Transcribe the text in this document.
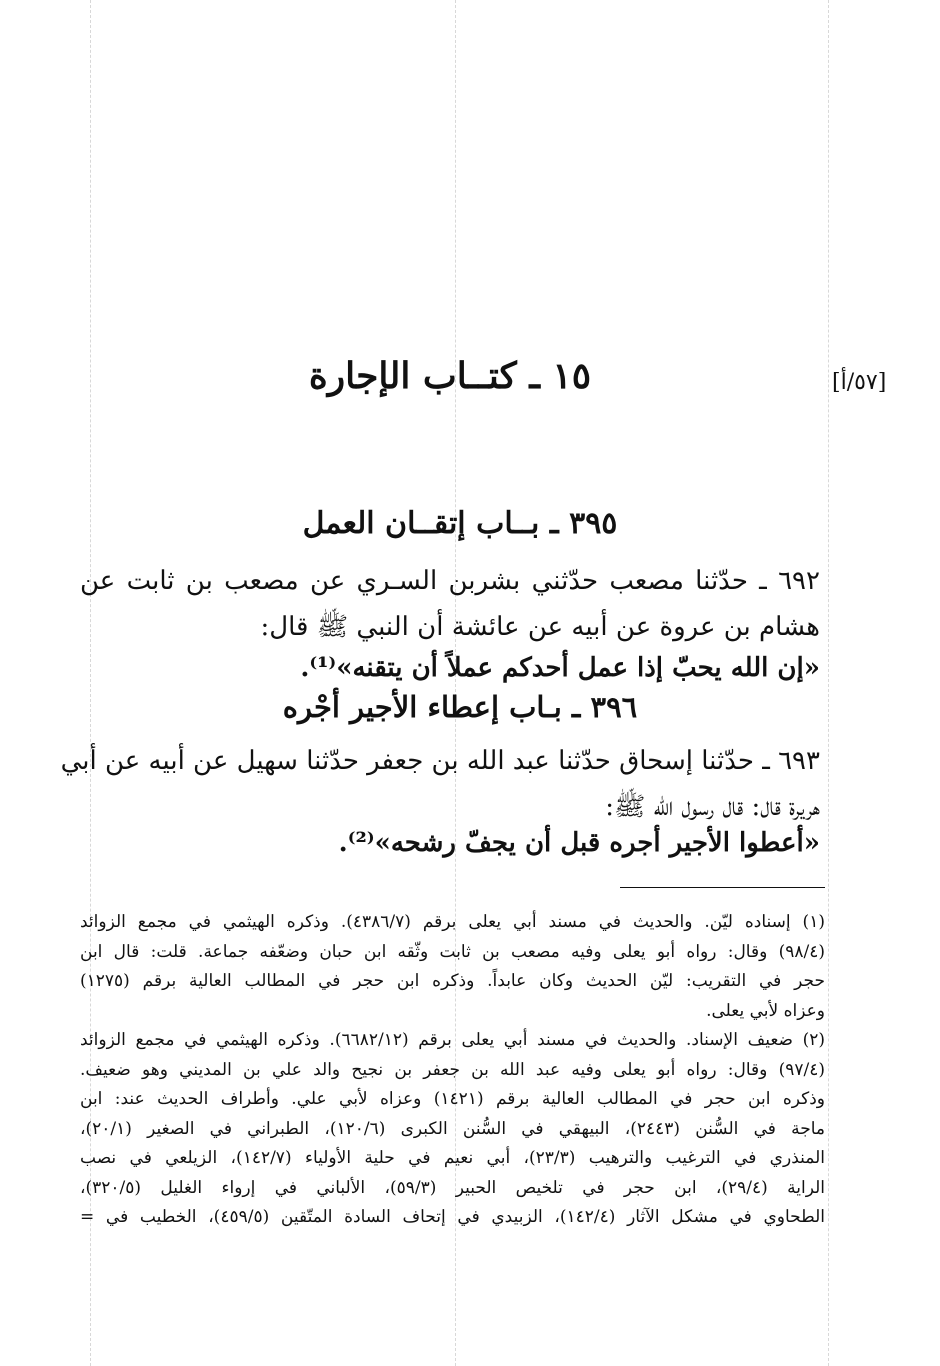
[٥٧/أ]
١٥ ـ كتــاب الإجارة
٣٩٥ ـ بــاب إتقــان العمل
٦٩٢ ـ حدّثنا مصعب حدّثني بشربن السـري عن مصعب بن ثابت عن
هشام بن عروة عن أبيه عن عائشة أن النبي ﷺ قال:
«إن الله يحبّ إذا عمل أحدكم عملاً أن يتقنه»⁽¹⁾.
٣٩٦ ـ بـاب إعطاء الأجير أجْره
٦٩٣ ـ حدّثنا إسحاق حدّثنا عبد الله بن جعفر حدّثنا سهيل عن أبيه عن أبي
هريرة قال: قال رسول الله ﷺ:
«أعطوا الأجير أجره قبل أن يجفّ رشحه»⁽²⁾.
(١) إسناده ليّن. والحديث في مسند أبي يعلى برقم (٤٣٨٦/٧). وذكره الهيثمي في مجمع الزوائد
(٩٨/٤) وقال: رواه أبو يعلى وفيه مصعب بن ثابت وثّقه ابن حبان وضعّفه جماعة. قلت: قال ابن
حجر في التقريب: ليّن الحديث وكان عابداً. وذكره ابن حجر في المطالب العالية برقم (١٢٧٥)
وعزاه لأبي يعلى.
(٢) ضعيف الإسناد. والحديث في مسند أبي يعلى برقم (٦٦٨٢/١٢). وذكره الهيثمي في مجمع الزوائد
(٩٧/٤) وقال: رواه أبو يعلى وفيه عبد الله بن جعفر بن نجيح والد علي بن المديني وهو ضعيف.
وذكره ابن حجر في المطالب العالية برقم (١٤٢١) وعزاه لأبي علي. وأطراف الحديث عند: ابن
ماجة في السُّنن (٢٤٤٣)، البيهقي في السُّنن الكبرى (١٢٠/٦)، الطبراني في الصغير (٢٠/١)،
المنذري في الترغيب والترهيب (٢٣/٣)، أبي نعيم في حلية الأولياء (١٤٢/٧)، الزيلعي في نصب
الراية (٢٩/٤)، ابن حجر في تلخيص الحبير (٥٩/٣)، الألباني في إرواء الغليل (٣٢٠/٥)،
الطحاوي في مشكل الآثار (١٤٢/٤)، الزبيدي في إتحاف السادة المتّقين (٤٥٩/٥)، الخطيب في =
